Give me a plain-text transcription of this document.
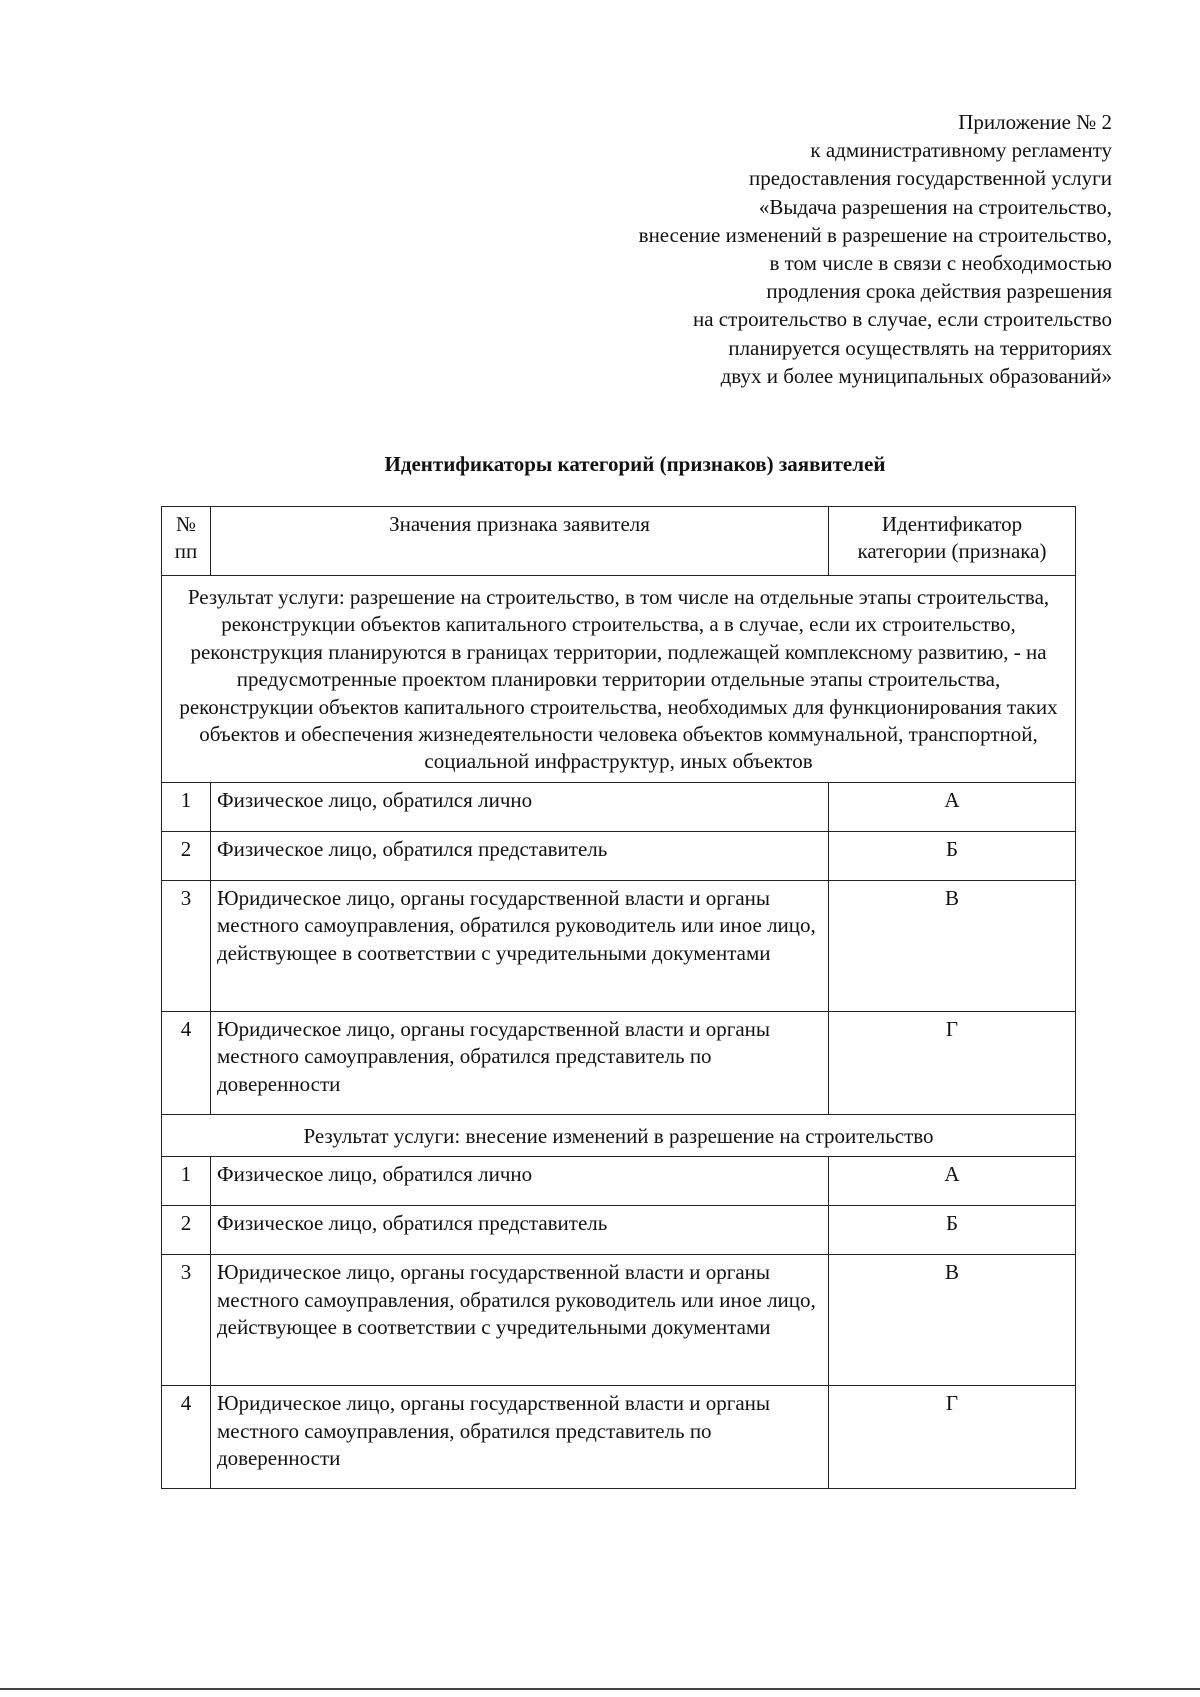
Приложение № 2
к административному регламенту
предоставления государственной услуги
«Выдача разрешения на строительство,
внесение изменений в разрешение на строительство,
в том числе в связи с необходимостью
продления срока действия разрешения
на строительство в случае, если строительство
планируется осуществлять на территориях
двух и более муниципальных образований»
Идентификаторы категорий (признаков) заявителей
№ пп	Значения признака заявителя	Идентификатор категории (признака)
Результат услуги: разрешение на строительство, в том числе на отдельные этапы строительства, реконструкции объектов капитального строительства, а в случае, если их строительство, реконструкция планируются в границах территории, подлежащей комплексному развитию, - на предусмотренные проектом планировки территории отдельные этапы строительства, реконструкции объектов капитального строительства, необходимых для функционирования таких объектов и обеспечения жизнедеятельности человека объектов коммунальной, транспортной, социальной инфраструктур, иных объектов		
1	Физическое лицо, обратился лично	А
2	Физическое лицо, обратился представитель	Б
3	Юридическое лицо, органы государственной власти и органы местного самоуправления, обратился руководитель или иное лицо, действующее в соответствии с учредительными документами	В
4	Юридическое лицо, органы государственной власти и органы местного самоуправления, обратился представитель по доверенности	Г
Результат услуги: внесение изменений в разрешение на строительство		
1	Физическое лицо, обратился лично	А
2	Физическое лицо, обратился представитель	Б
3	Юридическое лицо, органы государственной власти и органы местного самоуправления, обратился руководитель или иное лицо, действующее в соответствии с учредительными документами	В
4	Юридическое лицо, органы государственной власти и органы местного самоуправления, обратился представитель по доверенности	Г
